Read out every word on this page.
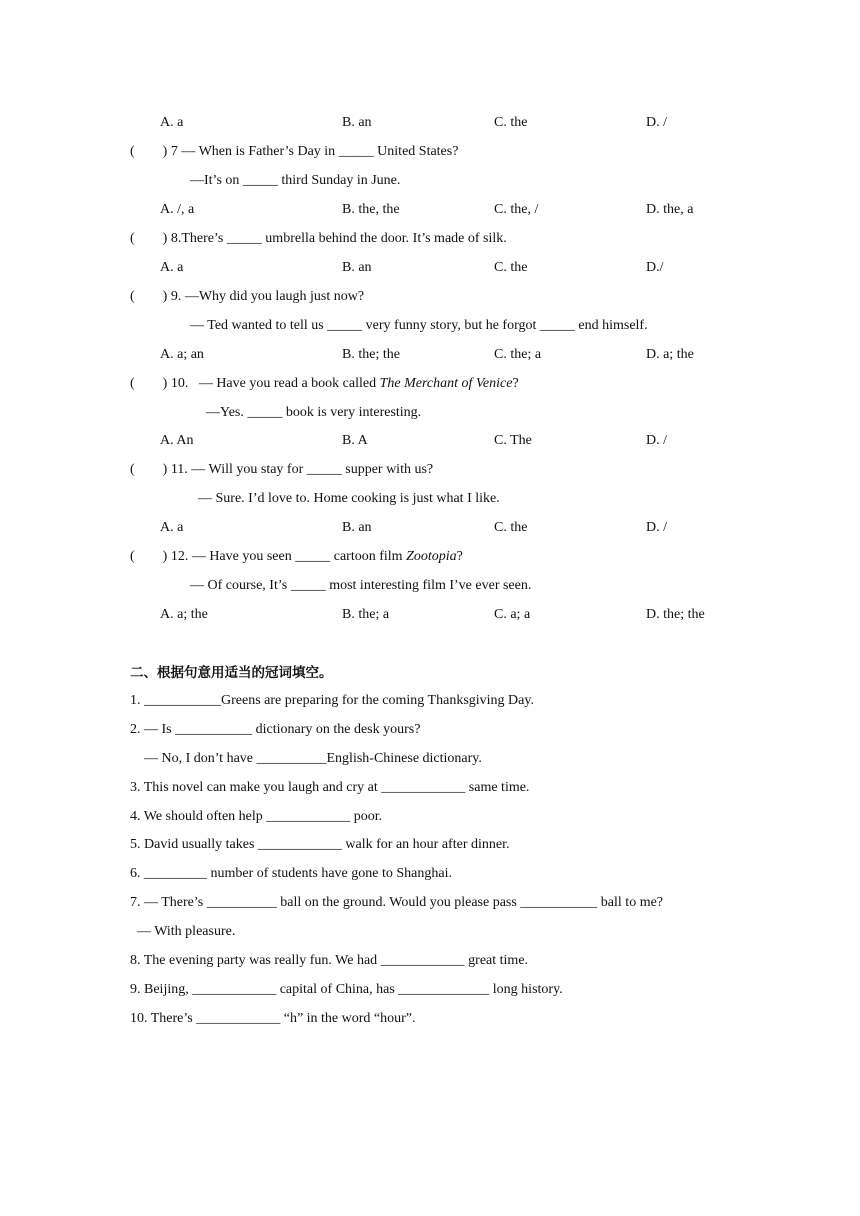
A. a	B. an	C. the	D. /
(        ) 7 — When is Father’s Day in _____ United States?
—It’s on _____ third Sunday in June.
A. /, a	B. the, the	C. the, /	D. the, a
(        ) 8.There’s _____ umbrella behind the door. It’s made of silk.
A. a	B. an	C. the	D./
(        ) 9. —Why did you laugh just now?
— Ted wanted to tell us _____ very funny story, but he forgot _____ end himself.
A. a; an	B. the; the	C. the; a	D. a; the
(        ) 10.   — Have you read a book called The Merchant of Venice?
—Yes. _____ book is very interesting.
A. An	B. A	C. The	D. /
(        ) 11. — Will you stay for _____ supper with us?
— Sure. I’d love to. Home cooking is just what I like.
A. a	B. an	C. the	D. /
(        ) 12. — Have you seen _____ cartoon film Zootopia?
— Of course, It’s _____ most interesting film I’ve ever seen.
A. a; the	B. the; a	C. a; a	D. the; the
二、根据句意用适当的冠词填空。
1. ___________Greens are preparing for the coming Thanksgiving Day.
2. — Is ___________ dictionary on the desk yours?
— No, I don’t have __________English-Chinese dictionary.
3. This novel can make you laugh and cry at ____________ same time.
4. We should often help ____________ poor.
5. David usually takes ____________ walk for an hour after dinner.
6. _________ number of students have gone to Shanghai.
7. — There’s __________ ball on the ground. Would you please pass ___________ ball to me?
— With pleasure.
8. The evening party was really fun. We had ____________ great time.
9. Beijing, ____________ capital of China, has _____________ long history.
10. There’s ____________ “h” in the word “hour”.
